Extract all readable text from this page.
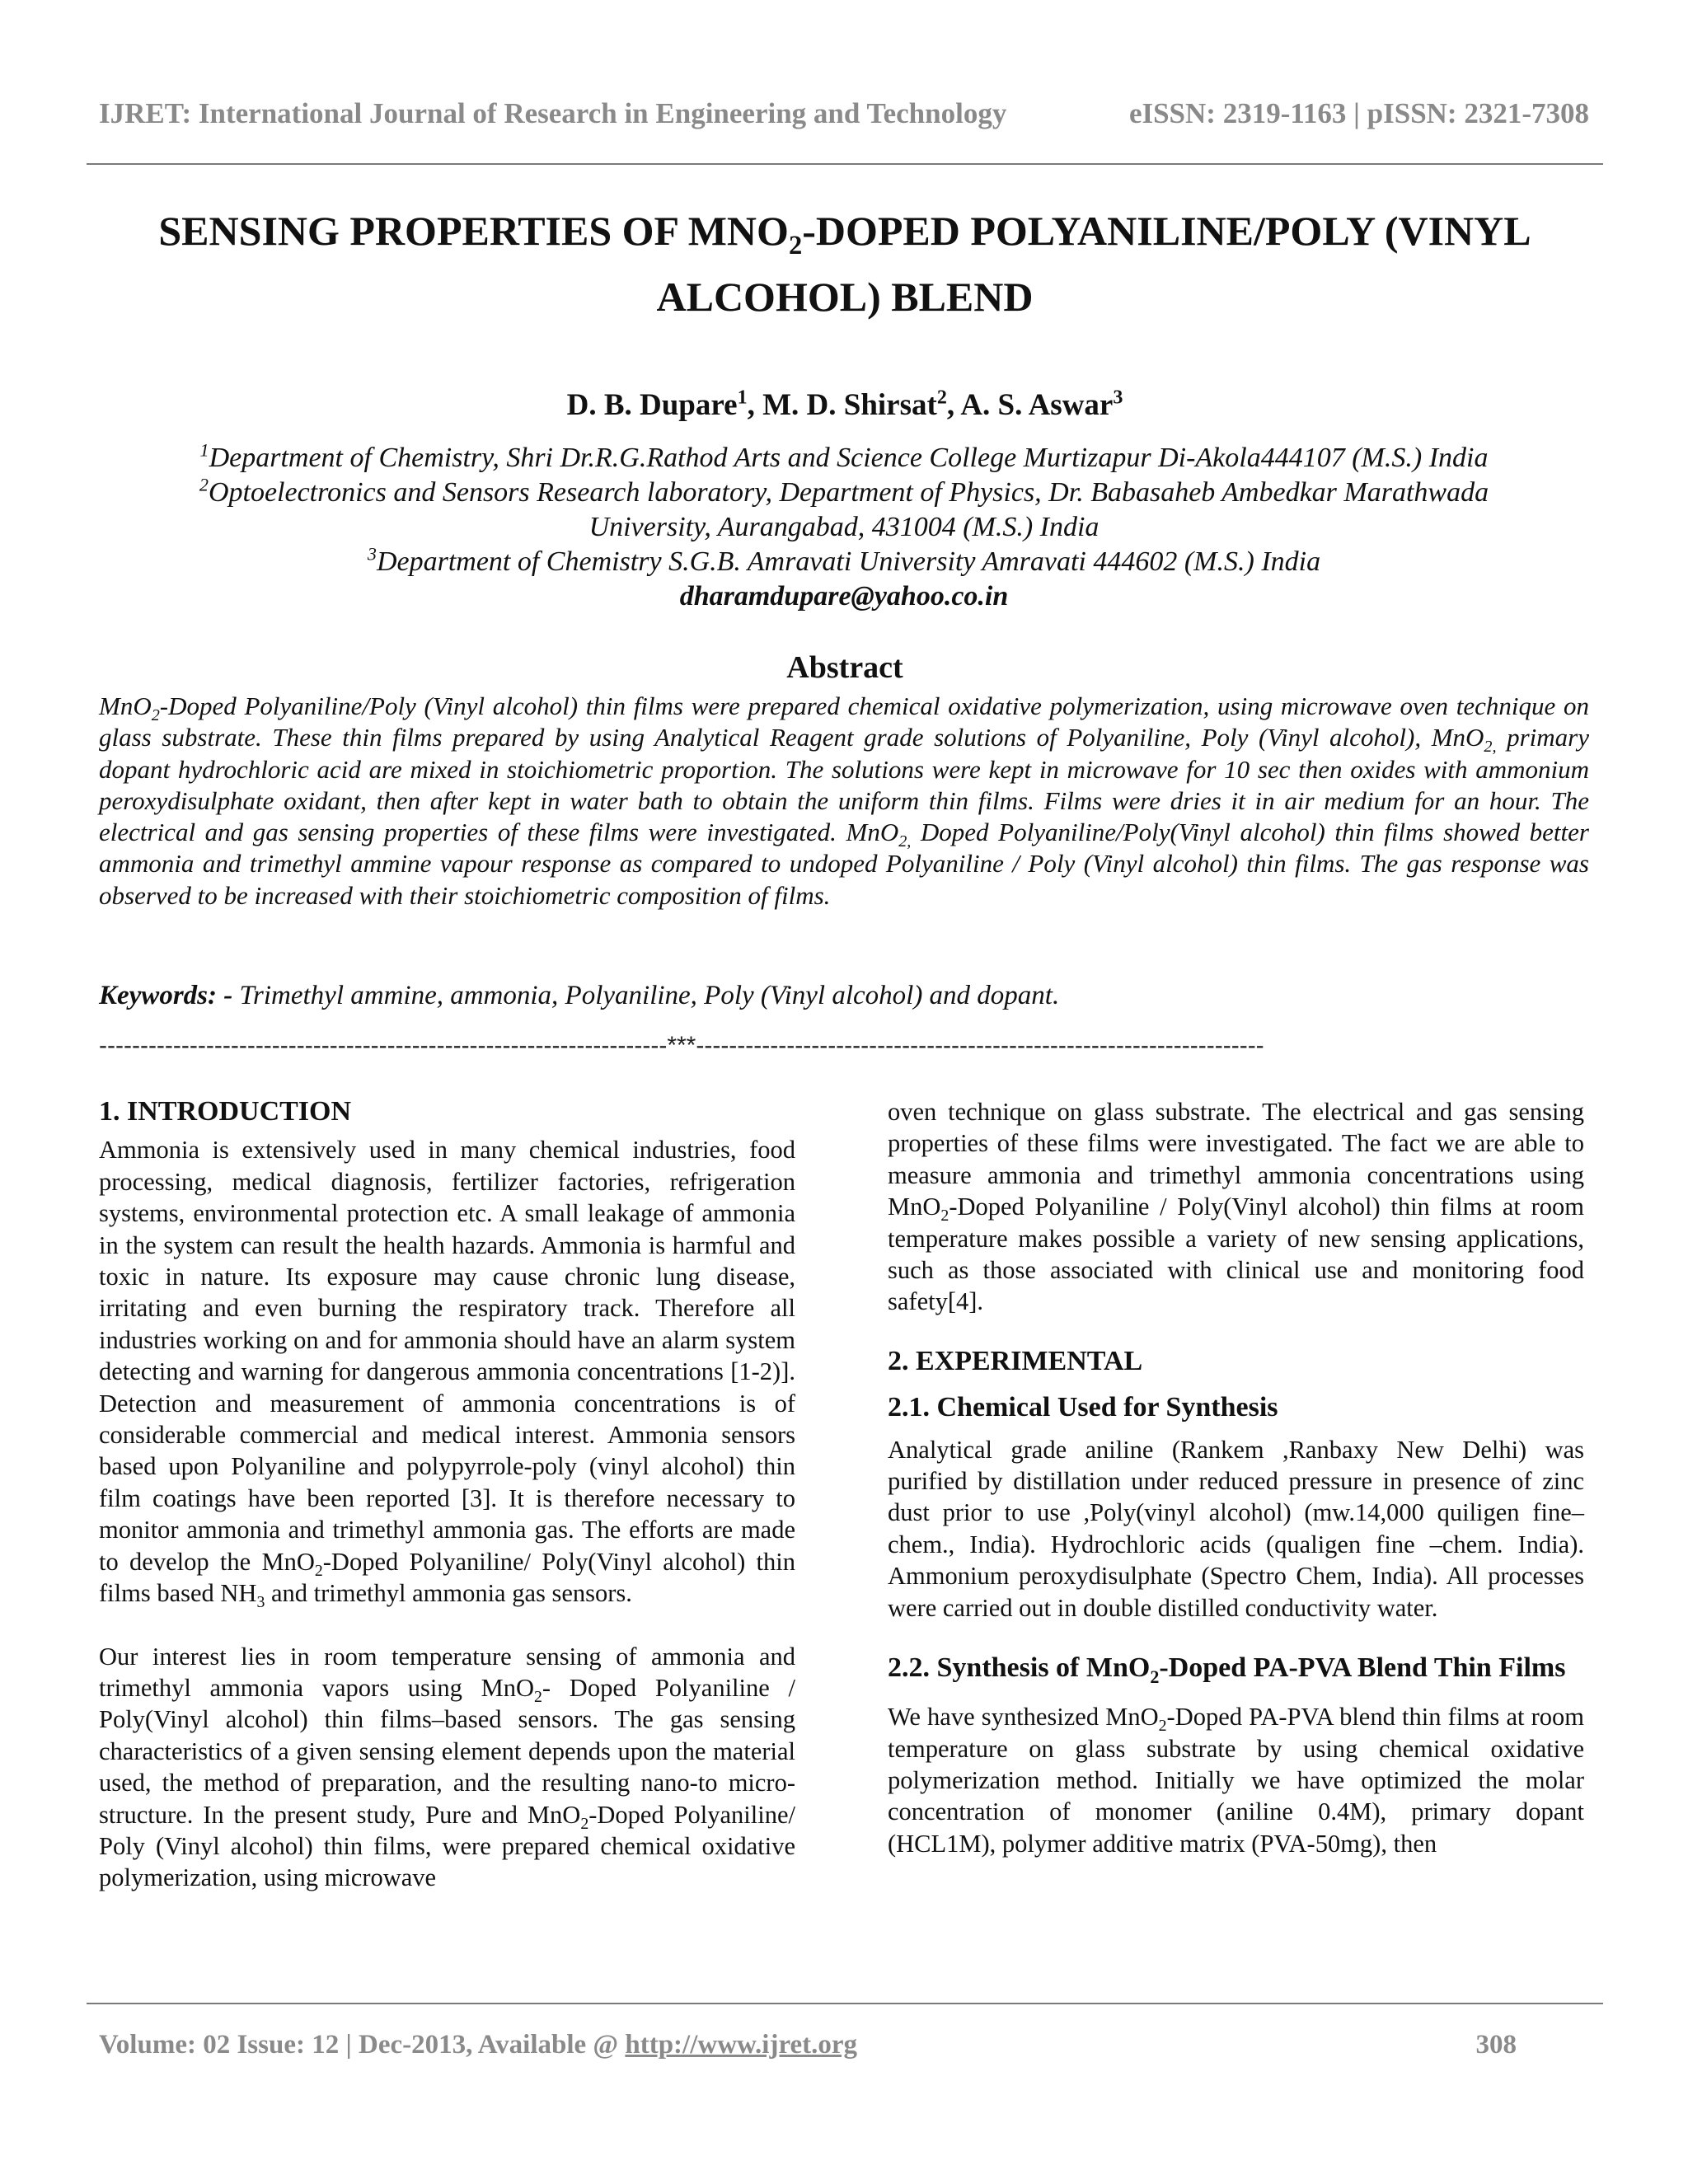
IJRET: International Journal of Research in Engineering and Technology	eISSN: 2319-1163 | pISSN: 2321-7308
SENSING PROPERTIES OF $MNO_2$-DOPED POLYANILINE/POLY (VINYL
ALCOHOL) BLEND
D. B. Dupare$^1$, M. D. Shirsat$^2$, A. S. Aswar$^3$
$^1$Department of Chemistry, Shri Dr.R.G.Rathod Arts and Science College Murtizapur Di-Akola444107 (M.S.) India
$^2$Optoelectronics and Sensors Research laboratory, Department of Physics, Dr. Babasaheb Ambedkar Marathwada
University, Aurangabad, 431004 (M.S.) India
$^3$Department of Chemistry S.G.B. Amravati University Amravati 444602 (M.S.) India
dharamdupare@yahoo.co.in
Abstract
MnO$_2$-Doped Polyaniline/Poly (Vinyl alcohol) thin films were prepared chemical oxidative polymerization, using microwave oven technique on glass substrate. These thin films prepared by using Analytical Reagent grade solutions of Polyaniline, Poly (Vinyl alcohol), MnO$_{2,}$ primary dopant hydrochloric acid are mixed in stoichiometric proportion. The solutions were kept in microwave for 10 sec then oxides with ammonium peroxydisulphate oxidant, then after kept in water bath to obtain the uniform thin films. Films were dries it in air medium for an hour. The electrical and gas sensing properties of these films were investigated. MnO$_{2,}$ Doped Polyaniline/Poly(Vinyl alcohol) thin films showed better ammonia and trimethyl ammine vapour response as compared to undoped Polyaniline / Poly (Vinyl alcohol) thin films. The gas response was observed to be increased with their stoichiometric composition of films.
Keywords: - Trimethyl ammine, ammonia, Polyaniline, Poly (Vinyl alcohol) and dopant.
---------------------------------------------------------------------***---------------------------------------------------------------------

1. INTRODUCTION

Ammonia is extensively used in many chemical industries, food processing, medical diagnosis, fertilizer factories, refrigeration systems, environmental protection etc. A small leakage of ammonia in the system can result the health hazards. Ammonia is harmful and toxic in nature. Its exposure may cause chronic lung disease, irritating and even burning the respiratory track. Therefore all industries working on and for ammonia should have an alarm system detecting and warning for dangerous ammonia concentrations [1-2)]. Detection and measurement of ammonia concentrations is of considerable commercial and medical interest. Ammonia sensors based upon Polyaniline and polypyrrole-poly (vinyl alcohol) thin film coatings have been reported [3]. It is therefore necessary to monitor ammonia and trimethyl ammonia gas. The efforts are made to develop the MnO$_2$-Doped Polyaniline/ Poly(Vinyl alcohol) thin films based $NH_3$ and trimethyl ammonia gas sensors.

Our interest lies in room temperature sensing of ammonia and trimethyl ammonia vapors using MnO$_2$- Doped Polyaniline / Poly(Vinyl alcohol) thin films–based sensors. The gas sensing characteristics of a given sensing element depends upon the material used, the method of preparation, and the resulting nano-to micro-structure. In the present study, Pure and MnO$_2$-Doped Polyaniline/ Poly (Vinyl alcohol) thin films, were prepared chemical oxidative polymerization, using microwave

oven technique on glass substrate. The electrical and gas sensing properties of these films were investigated. The fact we are able to measure ammonia and trimethyl ammonia concentrations using MnO$_2$-Doped Polyaniline / Poly(Vinyl alcohol) thin films at room temperature makes possible a variety of new sensing applications, such as those associated with clinical use and monitoring food safety[4].

2. EXPERIMENTAL

2.1. Chemical Used for Synthesis

Analytical grade aniline (Rankem ,Ranbaxy New Delhi) was purified by distillation under reduced pressure in presence of zinc dust prior to use ,Poly(vinyl alcohol) (mw.14,000 quiligen fine–chem., India). Hydrochloric acids (qualigen fine –chem. India). Ammonium peroxydisulphate (Spectro Chem, India). All processes were carried out in double distilled conductivity water.

2.2. Synthesis of MnO$_2$-Doped PA-PVA Blend Thin Films

We have synthesized MnO$_2$-Doped PA-PVA blend thin films at room temperature on glass substrate by using chemical oxidative polymerization method. Initially we have optimized the molar concentration of monomer (aniline 0.4M), primary dopant (HCL1M), polymer additive matrix (PVA-50mg), then

Volume: 02 Issue: 12 | Dec-2013, Available @ http://www.ijret.org	308
